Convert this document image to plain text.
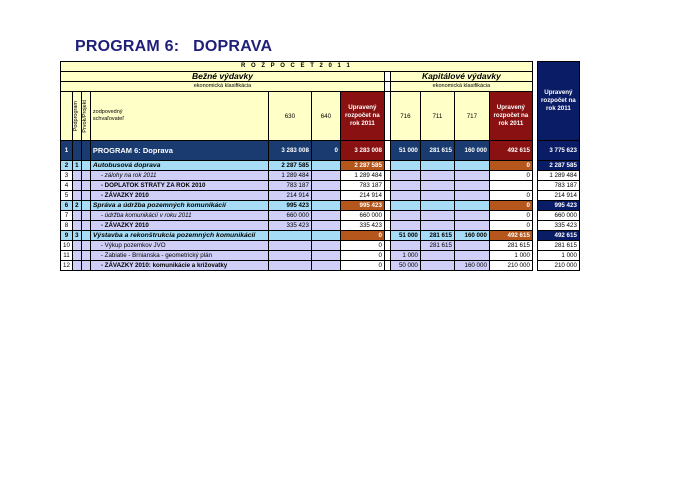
PROGRAM 6:   DOPRAVA
R O Z P O Č E T 2 0 1 1													Upravený rozpočet na rok 2011
Bežné výdavky								Kapitálové výdavky					
ekonomická klasifikácia								ekonomická klasifikácia					

	Podprogram	Prvok/Projekt	zodpovedný
schvaľovateľ	630	640	Upravený rozpočet na rok 2011		716	711	717	Upravený rozpočet na rok 2011		
1			PROGRAM 6: Doprava	3 283 008	0	3 283 008		51 000	281 615	160 000	492 615		3 775 623
2	1		Autobusová doprava	2 287 585		2 287 585					0		2 287 585
3			- zálohy na rok 2011	1 289 484		1 289 484					0		1 289 484
4			- DOPLATOK STRATY ZA ROK 2010	783 187		783 187							783 187
5			- ZÁVAZKY 2010	214 914		214 914					0		214 914
6	2		Správa a údržba pozemných komunikácií	995 423		995 423					0		995 423
7			- údržba komunikácií v roku 2011	660 000		660 000					0		660 000
8			- ZÁVAZKY 2010	335 423		335 423					0		335 423
9	3		Výstavba a rekonštrukcia pozemných komunikácií			0		51 000	281 615	160 000	492 615		492 615
10			- Výkup pozemkov JVO			0			281 615		281 615		281 615
11			- Zabiatie - Brnianska - geometrický plán			0		1 000			1 000		1 000
12			- ZÁVAZKY 2010: komunikácie a križovatky			0		50 000		160 000	210 000		210 000
